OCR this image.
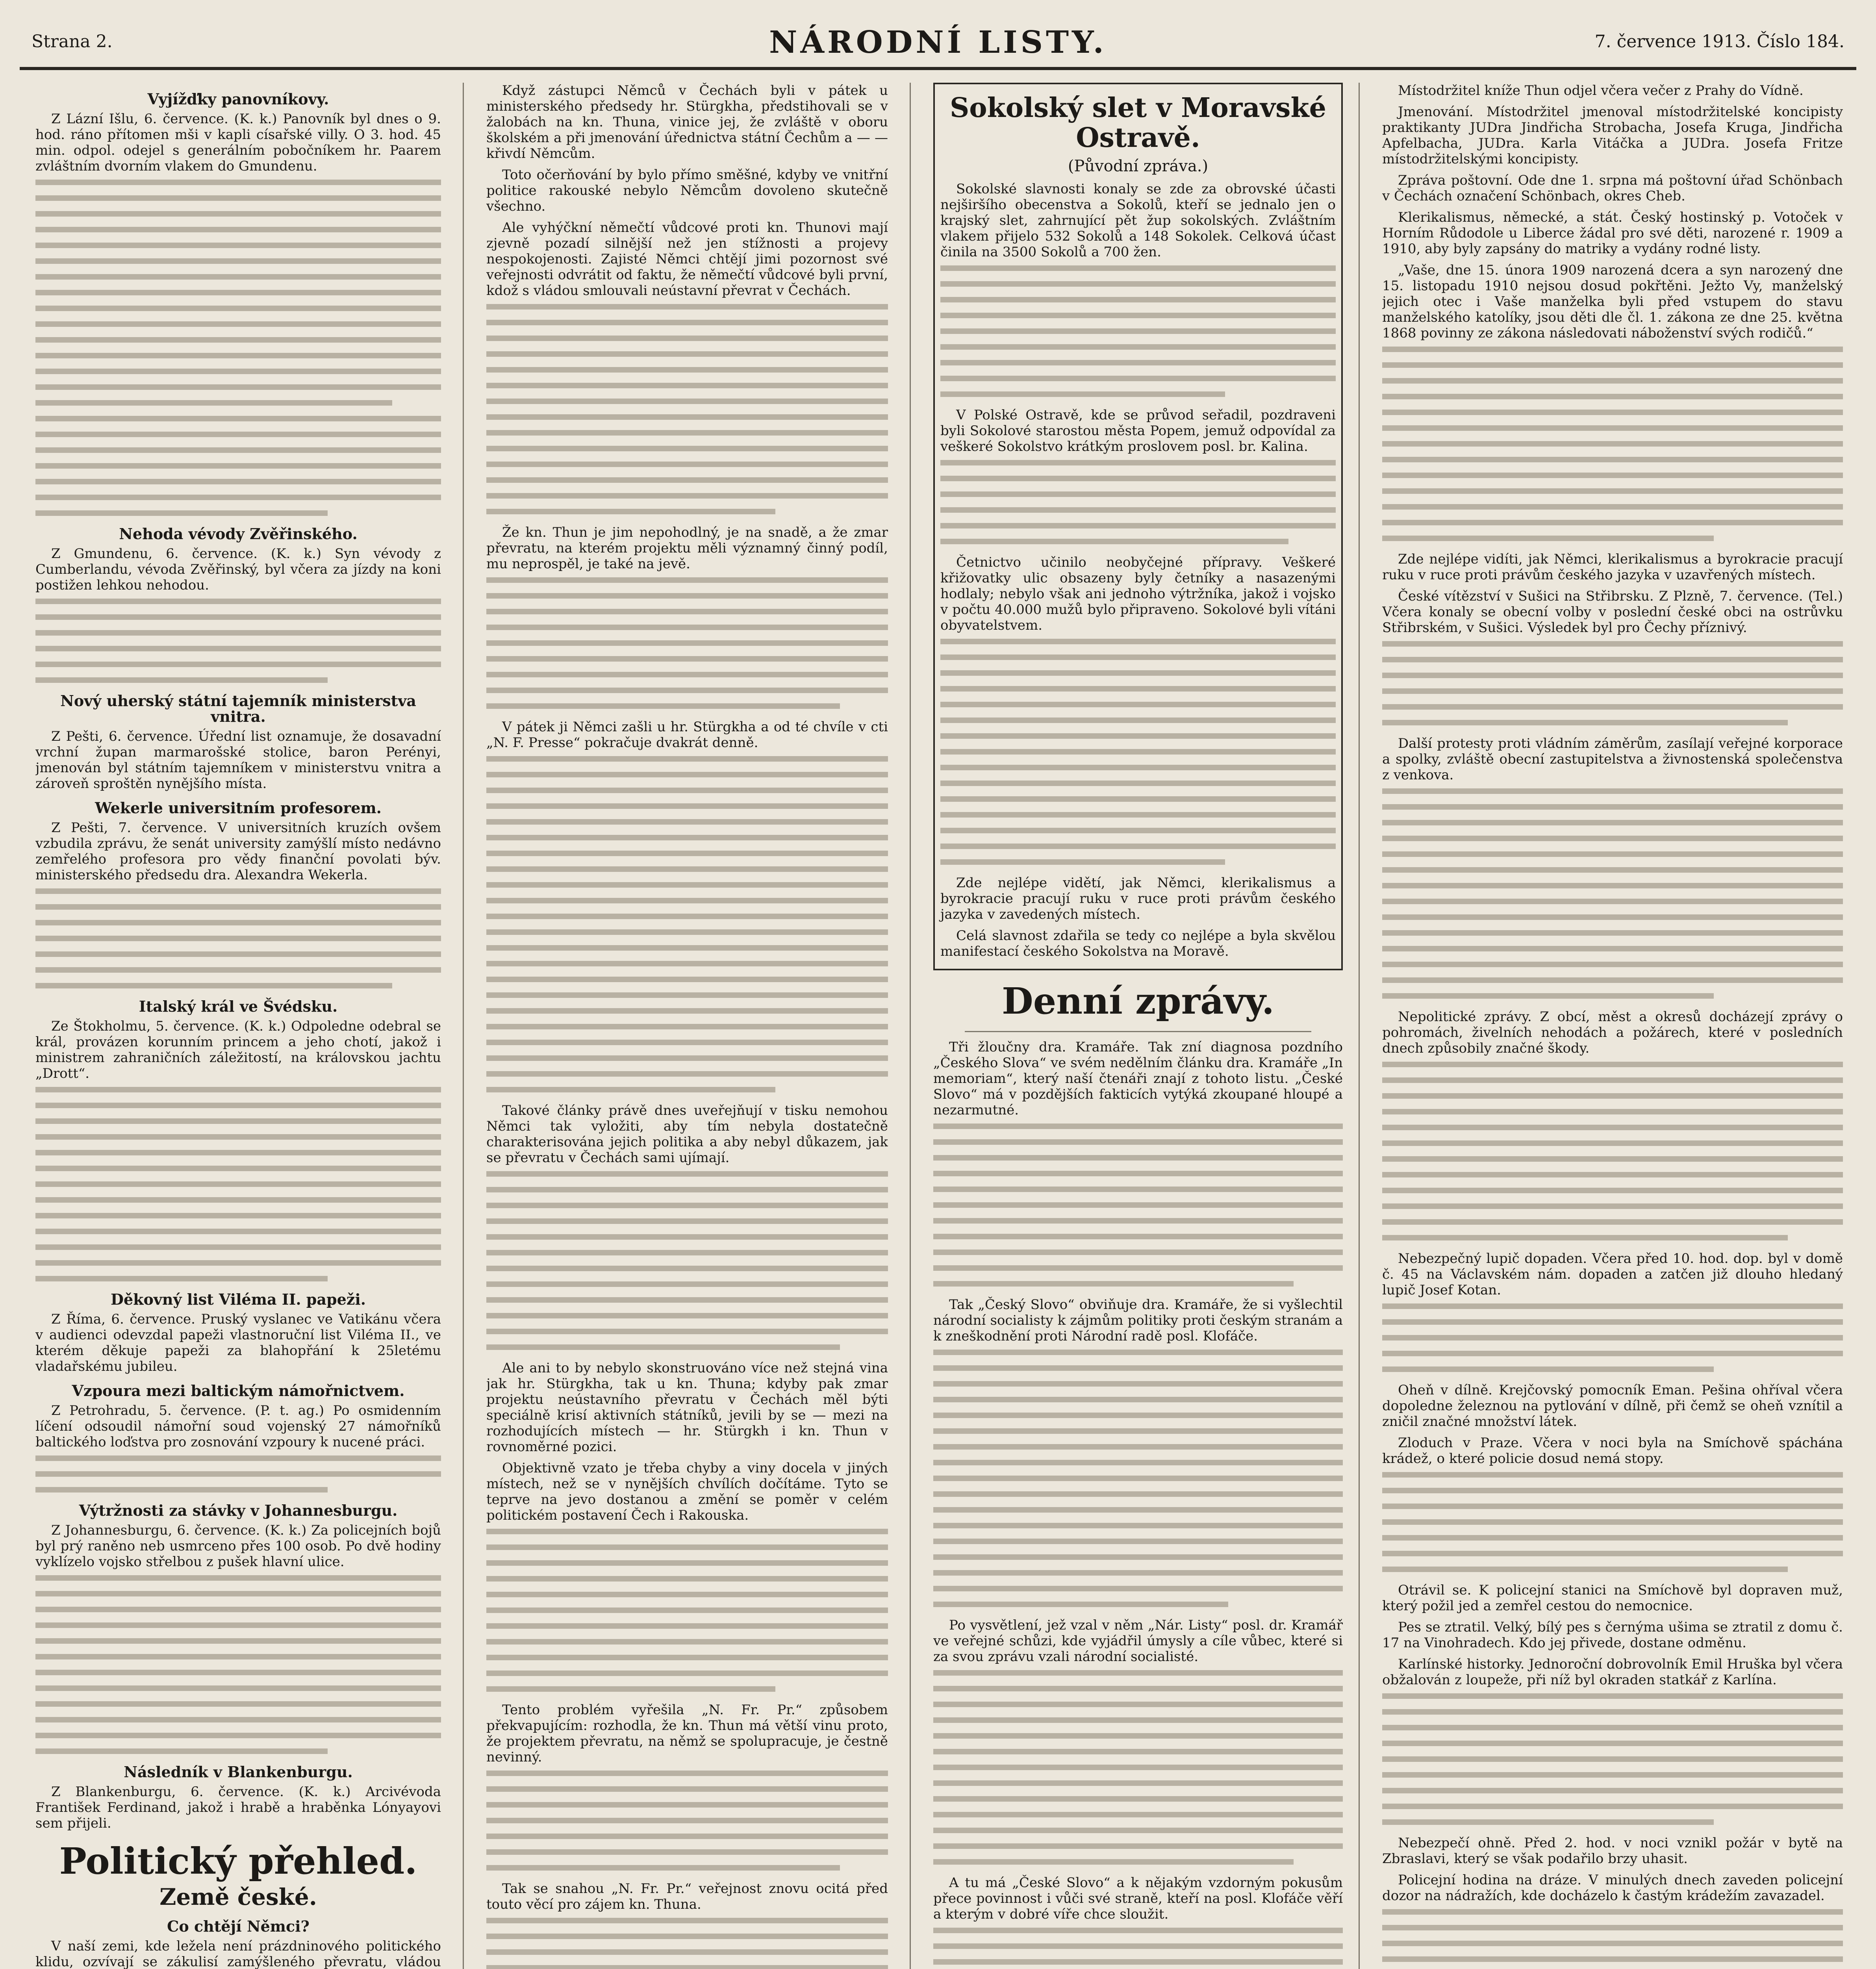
Strana 2.	NÁRODNÍ LISTY.	7. července 1913. Číslo 184.
Vyjížďky panovníkovy.

Z Lázní Išlu, 6. července. (K. k.) Panovník byl dnes o 9. hod. ráno přítomen mši v kapli císařské villy. O 3. hod. 45 min. odpol. odejel s generálním pobočníkem hr. Paarem zvláštním dvorním vlakem do Gmundenu.

Nehoda vévody Zvěřinského.

Z Gmundenu, 6. července. (K. k.) Syn vévody z Cumberlandu, vévoda Zvěřinský, byl včera za jízdy na koni postižen lehkou nehodou.

Nový uherský státní tajemník ministerstva vnitra.

Z Pešti, 6. července. Úřední list oznamuje, že dosavadní vrchní župan marmarošské stolice, baron Perényi, jmenován byl státním tajemníkem v ministerstvu vnitra a zároveň sproštěn nynějšího místa.

Wekerle universitním profesorem.

Z Pešti, 7. července. V universitních kruzích ovšem vzbudila zprávu, že senát university zamýšlí místo nedávno zemřelého profesora pro vědy finanční povolati býv. ministerského předsedu dra. Alexandra Wekerla.

Italský král ve Švédsku.

Ze Štokholmu, 5. července. (K. k.) Odpoledne odebral se král, provázen korunním princem a jeho chotí, jakož i ministrem zahraničních záležitostí, na královskou jachtu „Drott“.

Děkovný list Viléma II. papeži.

Z Říma, 6. července. Pruský vyslanec ve Vatikánu včera v audienci odevzdal papeži vlastnoruční list Viléma II., ve kterém děkuje papeži za blahopřání k 25letému vladařskému jubileu.

Vzpoura mezi baltickým námořnictvem.

Z Petrohradu, 5. července. (P. t. ag.) Po osmidenním líčení odsoudil námořní soud vojenský 27 námořníků baltického loďstva pro zosnování vzpoury k nucené práci.

Výtržnosti za stávky v Johannesburgu.

Z Johannesburgu, 6. července. (K. k.) Za policejních bojů byl prý raněno neb usmrceno přes 100 osob. Po dvě hodiny vyklízelo vojsko střelbou z pušek hlavní ulice.

Následník v Blankenburgu.

Z Blankenburgu, 6. července. (K. k.) Arcivévoda František Ferdinand, jakož i hrabě a hraběnka Lónyayovi sem přijeli.

Politický přehled.
Země české.
Co chtějí Němci?

V naší zemi, kde ležela není prázdninového politického klidu, ozvívají se zákulisí zamýšleného převratu, vládou

Když zástupci Němců v Čechách byli v pátek u ministerského předsedy hr. Stürgkha, předstihovali se v žalobách na kn. Thuna, vinice jej, že zvláště v oboru školském a při jmenování úřednictva státní Čechům a — — křivdí Němcům.

Toto očerňování by bylo přímo směšné, kdyby ve vnitřní politice rakouské nebylo Němcům dovoleno skutečně všechno.

Ale vyhýčkní němečtí vůdcové proti kn. Thunovi mají zjevně pozadí silnější než jen stížnosti a projevy nespokojenosti. Zajisté Němci chtějí jimi pozornost své veřejnosti odvrátit od faktu, že němečtí vůdcové byli první, kdož s vládou smlouvali neústavní převrat v Čechách.

Že kn. Thun je jim nepohodlný, je na snadě, a že zmar převratu, na kterém projektu měli významný činný podíl, mu neprospěl, je také na jevě.

V pátek ji Němci zašli u hr. Stürgkha a od té chvíle v cti „N. F. Presse“ pokračuje dvakrát denně.

Takové články právě dnes uveřejňují v tisku nemohou Němci tak vyložiti, aby tím nebyla dostatečně charakterisována jejich politika a aby nebyl důkazem, jak se převratu v Čechách sami ujímají.

Ale ani to by nebylo skonstruováno více než stejná vina jak hr. Stürgkha, tak u kn. Thuna; kdyby pak zmar projektu neústavního převratu v Čechách měl býti speciálně krisí aktivních státníků, jevili by se — mezi na rozhodujících místech — hr. Stürgkh i kn. Thun v rovnoměrné pozici.

Objektivně vzato je třeba chyby a viny docela v jiných místech, než se v nynějších chvílích dočítáme. Tyto se teprve na jevo dostanou a změní se poměr v celém politickém postavení Čech i Rakouska.

Tento problém vyřešila „N. Fr. Pr.“ způsobem překvapujícím: rozhodla, že kn. Thun má větší vinu proto, že projektem převratu, na němž se spolupracuje, je čestně nevinný.

Tak se snahou „N. Fr. Pr.“ veřejnost znovu ocitá před touto věcí pro zájem kn. Thuna.

Sokolský slet v Moravské Ostravě.

(Původní zpráva.)

Sokolské slavnosti konaly se zde za obrovské účasti nejširšího obecenstva a Sokolů, kteří se jednalo jen o krajský slet, zahrnující pět žup sokolských. Zvláštním vlakem přijelo 532 Sokolů a 148 Sokolek. Celková účast činila na 3500 Sokolů a 700 žen.

V Polské Ostravě, kde se průvod seřadil, pozdraveni byli Sokolové starostou města Popem, jemuž odpovídal za veškeré Sokolstvo krátkým proslovem posl. br. Kalina.

Četnictvo učinilo neobyčejné přípravy. Veškeré křižovatky ulic obsazeny byly četníky a nasazenými hodlaly; nebylo však ani jednoho výtržníka, jakož i vojsko v počtu 40.000 mužů bylo připraveno. Sokolové byli vítáni obyvatelstvem.

Zde nejlépe vidětí, jak Němci, klerikalismus a byrokracie pracují ruku v ruce proti právům českého jazyka v zavedených místech.

Celá slavnost zdařila se tedy co nejlépe a byla skvělou manifestací českého Sokolstva na Moravě.

Denní zprávy.

Tři žloučny dra. Kramáře. Tak zní diagnosa pozdního „Českého Slova“ ve svém nedělním článku dra. Kramáře „In memoriam“, který naší čtenáři znají z tohoto listu. „České Slovo“ má v pozdějších fakticích vytýká zkoupané hloupé a nezarmutné.

Tak „Český Slovo“ obviňuje dra. Kramáře, že si vyšlechtil národní socialisty k zájmům politiky proti českým stranám a k zneškodnění proti Národní radě posl. Klofáče.

Po vysvětlení, jež vzal v něm „Nár. Listy“ posl. dr. Kramář ve veřejné schůzi, kde vyjádřil úmysly a cíle vůbec, které si za svou zprávu vzali národní socialisté.

A tu má „České Slovo“ a k nějakým vzdorným pokusům přece povinnost i vůči své straně, kteří na posl. Klofáče věří a kterým v dobré víře chce sloužit.

Místodržitel kníže Thun odjel včera večer z Prahy do Vídně.

Jmenování. Místodržitel jmenoval místodržitelské koncipisty praktikanty JUDra Jindřicha Strobacha, Josefa Kruga, Jindřicha Apfelbacha, JUDra. Karla Vitáčka a JUDra. Josefa Fritze místodržitelskými koncipisty.

Zpráva poštovní. Ode dne 1. srpna má poštovní úřad Schönbach v Čechách označení Schönbach, okres Cheb.

Klerikalismus, německé, a stát. Český hostinský p. Votoček v Horním Růdodole u Liberce žádal pro své děti, narozené r. 1909 a 1910, aby byly zapsány do matriky a vydány rodné listy.

„Vaše, dne 15. února 1909 narozená dcera a syn narozený dne 15. listopadu 1910 nejsou dosud pokřtěni. Ježto Vy, manželský jejich otec i Vaše manželka byli před vstupem do stavu manželského katolíky, jsou děti dle čl. 1. zákona ze dne 25. května 1868 povinny ze zákona následovati náboženství svých rodičů.“

Zde nejlépe vidíti, jak Němci, klerikalismus a byrokracie pracují ruku v ruce proti právům českého jazyka v uzavřených místech.

České vítězství v Sušici na Střibrsku. Z Plzně, 7. července. (Tel.) Včera konaly se obecní volby v poslední české obci na ostrůvku Střibrském, v Sušici. Výsledek byl pro Čechy příznivý.

Další protesty proti vládním záměrům, zasílají veřejné korporace a spolky, zvláště obecní zastupitelstva a živnostenská společenstva z venkova.

Nepolitické zprávy. Z obcí, měst a okresů docházejí zprávy o pohromách, živelních nehodách a požárech, které v posledních dnech způsobily značné škody.

Nebezpečný lupič dopaden. Včera před 10. hod. dop. byl v domě č. 45 na Václavském nám. dopaden a zatčen již dlouho hledaný lupič Josef Kotan.

Oheň v dílně. Krejčovský pomocník Eman. Pešina ohříval včera dopoledne železnou na pytlování v dílně, při čemž se oheň vznítil a zničil značné množství látek.

Zloduch v Praze. Včera v noci byla na Smíchově spáchána krádež, o které policie dosud nemá stopy.

Otrávil se. K policejní stanici na Smíchově byl dopraven muž, který požil jed a zemřel cestou do nemocnice.

Pes se ztratil. Velký, bílý pes s černýma ušima se ztratil z domu č. 17 na Vinohradech. Kdo jej přivede, dostane odměnu.

Karlínské historky. Jednoroční dobrovolník Emil Hruška byl včera obžalován z loupeže, při níž byl okraden statkář z Karlína.

Nebezpečí ohně. Před 2. hod. v noci vznikl požár v bytě na Zbraslavi, který se však podařilo brzy uhasit.

Policejní hodina na dráze. V minulých dnech zaveden policejní dozor na nádražích, kde docházelo k častým krádežím zavazadel.
